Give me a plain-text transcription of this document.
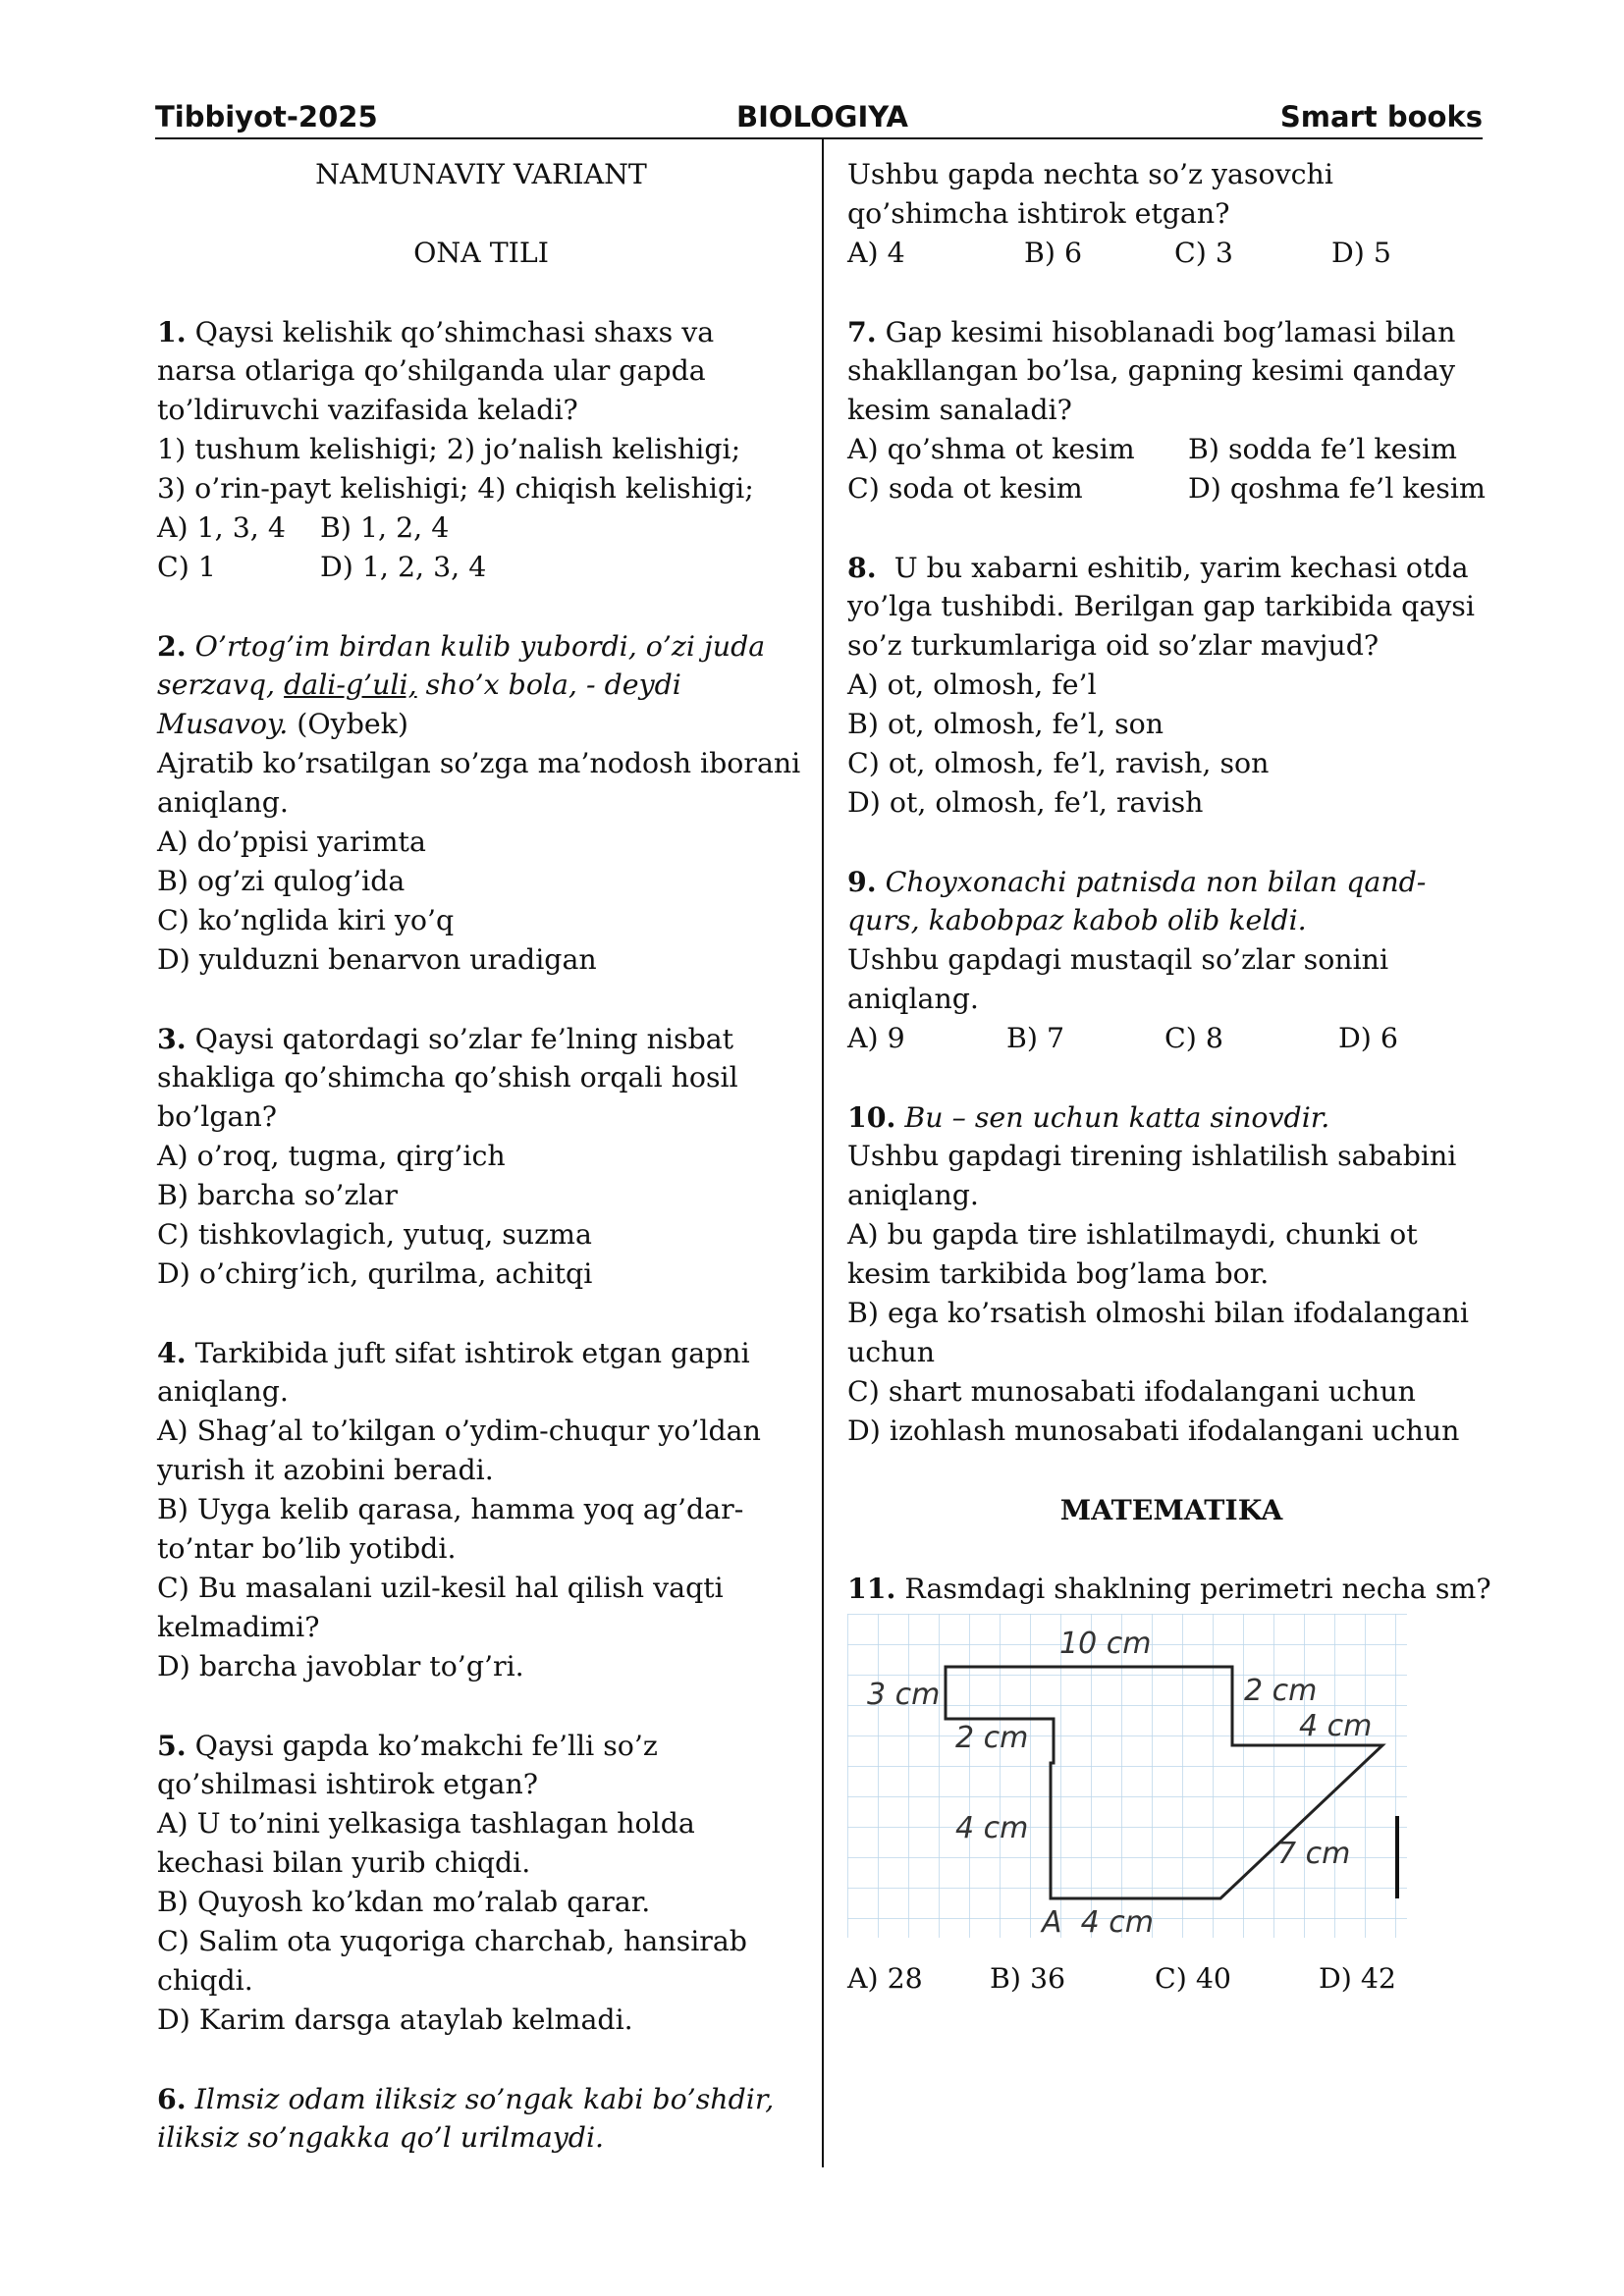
Tibbiyot-2025	BIOLOGIYA	Smart books
NAMUNAVIY VARIANT
ONA TILI
1. Qaysi kelishik qo’shimchasi shaxs va
narsa otlariga qo’shilganda ular gapda
to’ldiruvchi vazifasida keladi?
1) tushum kelishigi; 2) jo’nalish kelishigi;
3) o’rin-payt kelishigi; 4) chiqish kelishigi;
A) 1, 3, 4 B) 1, 2, 4
C) 1	D) 1, 2, 3, 4
2. O’rtog’im birdan kulib yubordi, o’zi juda
serzavq, dali-g’uli, sho’x bola, - deydi
Musavoy. (Oybek)
Ajratib ko’rsatilgan so’zga ma’nodosh iborani
aniqlang.
A) do’ppisi yarimta
B) og’zi qulog’ida
C) ko’nglida kiri yo’q
D) yulduzni benarvon uradigan
3. Qaysi qatordagi so’zlar fe’lning nisbat
shakliga qo’shimcha qo’shish orqali hosil
bo’lgan?
A) o’roq, tugma, qirg’ich
B) barcha so’zlar
C) tishkovlagich, yutuq, suzma
D) o’chirg’ich, qurilma, achitqi
4. Tarkibida juft sifat ishtirok etgan gapni
aniqlang.
A) Shag’al to’kilgan o’ydim-chuqur yo’ldan
yurish it azobini beradi.
B) Uyga kelib qarasa, hamma yoq ag’dar-
to’ntar bo’lib yotibdi.
C) Bu masalani uzil-kesil hal qilish vaqti
kelmadimi?
D) barcha javoblar to’g’ri.
5. Qaysi gapda ko’makchi fe’lli so’z
qo’shilmasi ishtirok etgan?
A) U to’nini yelkasiga tashlagan holda
kechasi bilan yurib chiqdi.
B) Quyosh ko’kdan mo’ralab qarar.
C) Salim ota yuqoriga charchab, hansirab
chiqdi.
D) Karim darsga ataylab kelmadi.
6. Ilmsiz odam iliksiz so’ngak kabi bo’shdir,
iliksiz so’ngakka qo’l urilmaydi.
Ushbu gapda nechta so’z yasovchi
qo’shimcha ishtirok etgan?

A) 4

	B) 6

	C) 3

	D) 5

7. Gap kesimi hisoblanadi bog’lamasi bilan
shakllangan bo’lsa, gapning kesimi qanday
kesim sanaladi?
A) qo’shma ot kesim B) sodda fe’l kesim
C) soda ot kesim	D) qoshma fe’l kesim
8.  U bu xabarni eshitib, yarim kechasi otda
yo’lga tushibdi. Berilgan gap tarkibida qaysi
so’z turkumlariga oid so’zlar mavjud?
A) ot, olmosh, fe’l
B) ot, olmosh, fe’l, son
C) ot, olmosh, fe’l, ravish, son
D) ot, olmosh, fe’l, ravish
9. Choyxonachi patnisda non bilan qand-
qurs, kabobpaz kabob olib keldi.
Ushbu gapdagi mustaqil so’zlar sonini
aniqlang.

A) 9

	B) 7

	C) 8

	D) 6

10. Bu – sen uchun katta sinovdir.
Ushbu gapdagi tirening ishlatilish sababini
aniqlang.
A) bu gapda tire ishlatilmaydi, chunki ot
kesim tarkibida bog’lama bor.
B) ega ko’rsatish olmoshi bilan ifodalangani
uchun
C) shart munosabati ifodalangani uchun
D) izohlash munosabati ifodalangani uchun
MATEMATIKA
11. Rasmdagi shaklning perimetri necha sm?
10 cm
3 cm
2 cm
2 cm
4 cm
4 cm
7 cm
A  4 cm

A) 28

B) 36

	C) 40

	D) 42
